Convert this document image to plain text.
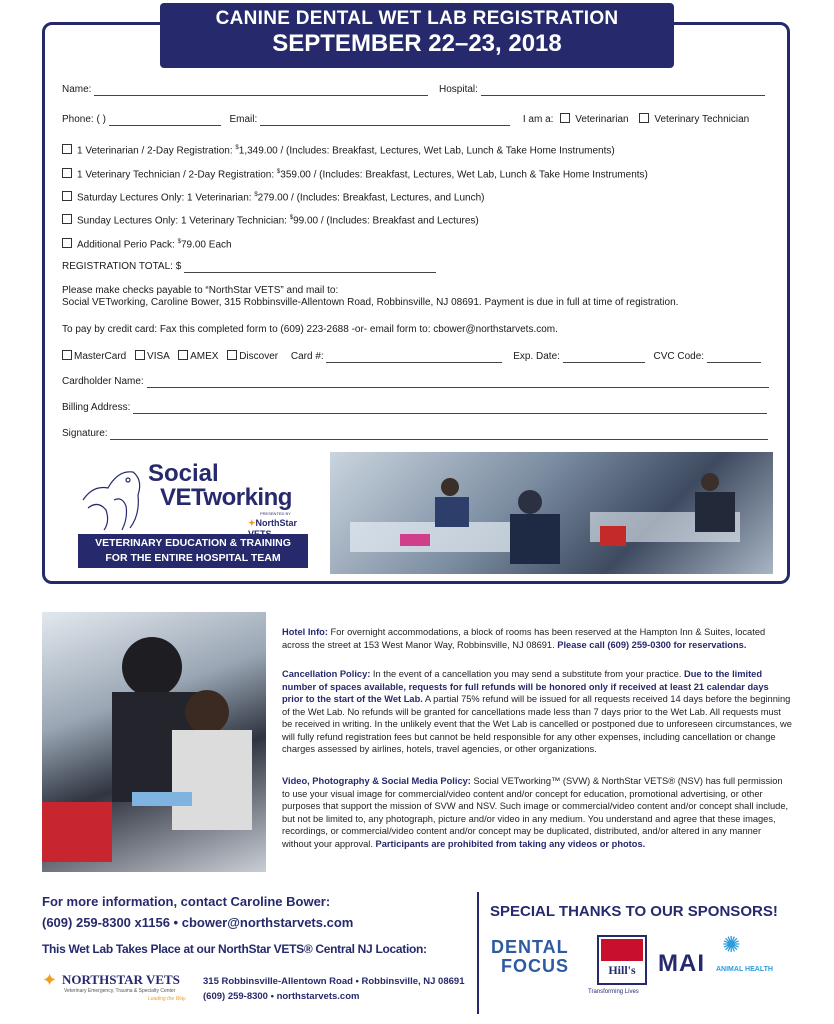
CANINE DENTAL WET LAB REGISTRATION
SEPTEMBER 22–23, 2018
Name:	Hospital:
Phone: ( )	Email:	I am a: Veterinarian	Veterinary Technician
1 Veterinarian / 2-Day Registration: $1,349.00 / (Includes: Breakfast, Lectures, Wet Lab, Lunch & Take Home Instruments)
1 Veterinary Technician / 2-Day Registration: $359.00 / (Includes: Breakfast, Lectures, Wet Lab, Lunch & Take Home Instruments)
Saturday Lectures Only: 1 Veterinarian: $279.00 / (Includes: Breakfast, Lectures, and Lunch)
Sunday Lectures Only: 1 Veterinary Technician: $99.00 / (Includes: Breakfast and Lectures)
Additional Perio Pack: $79.00 Each
REGISTRATION TOTAL: $
Please make checks payable to “NorthStar VETS” and mail to:
Social VETworking, Caroline Bower, 315 Robbinsville-Allentown Road, Robbinsville, NJ 08691. Payment is due in full at time of registration.
To pay by credit card: Fax this completed form to (609) 223-2688 -or- email form to: cbower@northstarvets.com.
MasterCard VISA AMEX Discover Card #:	Exp. Date:	CVC Code:
Cardholder Name:
Billing Address:
Signature:
Social
VETworking
PRESENTED BY
✦NorthStar
VETERINARY EDUCATION & TRAINING
FOR THE ENTIRE HOSPITAL TEAM

Hotel Info: For overnight accommodations, a block of rooms has been reserved at the Hampton Inn & Suites, located across the street at 153 West Manor Way, Robbinsville, NJ 08691. Please call (609) 259-0300 for reservations.

Cancellation Policy: In the event of a cancellation you may send a substitute from your practice. Due to the limited number of spaces available, requests for full refunds will be honored only if received at least 21 calendar days prior to the start of the Wet Lab. A partial 75% refund will be issued for all requests received 14 days before the beginning of the Wet Lab. No refunds will be granted for cancellations made less than 7 days prior to the Wet Lab. All requests must be received in writing. In the unlikely event that the Wet Lab is cancelled or postponed due to unforeseen circumstances, we will fully refund registration fees but cannot be held responsible for any other expenses, including cancellation or change charges assessed by airlines, hotels, travel agencies, or other organizations.

Video, Photography & Social Media Policy: Social VETworking™ (SVW) & NorthStar VETS® (NSV) has full permission to use your visual image for commercial/video content and/or concept for education, promotional advertising, or other purposes that support the mission of SVW and NSV. Such image or commercial/video content and/or concept shall include, but not be limited to, any photograph, picture and/or video in any medium. You understand and agree that these images, recordings, or commercial/video content and/or concept may be duplicated, distributed, and/or altered in any manner without your approval. Participants are prohibited from taking any videos or photos.

For more information, contact Caroline Bower:
(609) 259-8300 x1156 • cbower@northstarvets.com
This Wet Lab Takes Place at our NorthStar VETS® Central NJ Location:
✦ NORTHSTAR VETS
Veterinary Emergency, Trauma & Specialty Center
Leading the Way.
315 Robbinsville-Allentown Road • Robbinsville, NJ 08691
(609) 259-8300 • northstarvets.com
SPECIAL THANKS TO OUR SPONSORS!
DENTAL
FOCUS	Hill's
Transforming Lives
MAI
✺
ANIMAL HEALTH
